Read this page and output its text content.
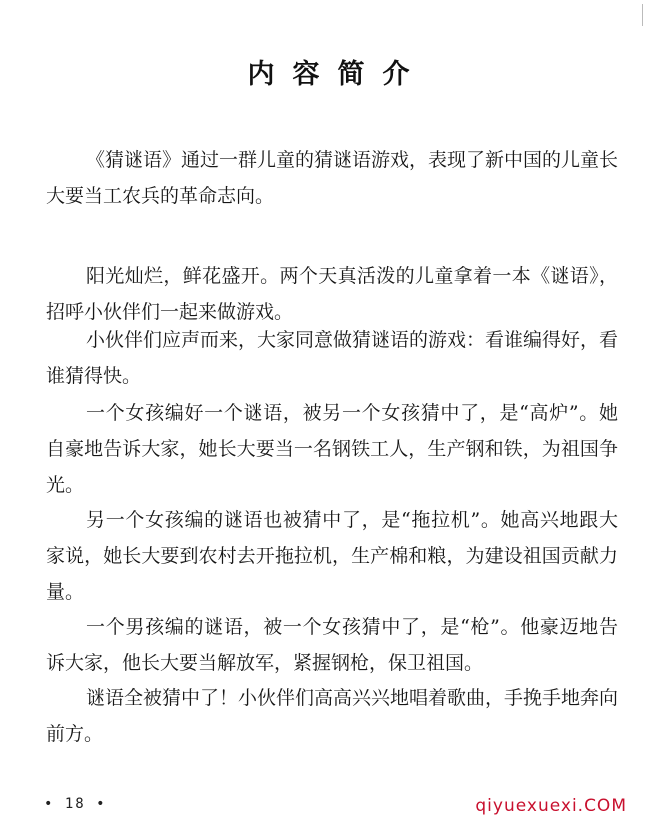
内容简介

《猜谜语》通过一群儿童的猜谜语游戏，表现了新中国的儿童长大要当工农兵的革命志向。

阳光灿烂，鲜花盛开。两个天真活泼的儿童拿着一本《谜语》，招呼小伙伴们一起来做游戏。

小伙伴们应声而来，大家同意做猜谜语的游戏：看谁编得好，看谁猜得快。

一个女孩编好一个谜语，被另一个女孩猜中了，是“高炉”。她自豪地告诉大家，她长大要当一名钢铁工人，生产钢和铁，为祖国争光。

另一个女孩编的谜语也被猜中了，是“拖拉机”。她高兴地跟大家说，她长大要到农村去开拖拉机，生产棉和粮，为建设祖国贡献力量。

一个男孩编的谜语，被一个女孩猜中了，是“枪”。他豪迈地告诉大家，他长大要当解放军，紧握钢枪，保卫祖国。

谜语全被猜中了！小伙伴们高高兴兴地唱着歌曲，手挽手地奔向前方。

• 18 •	qiyuexuexi.COM
